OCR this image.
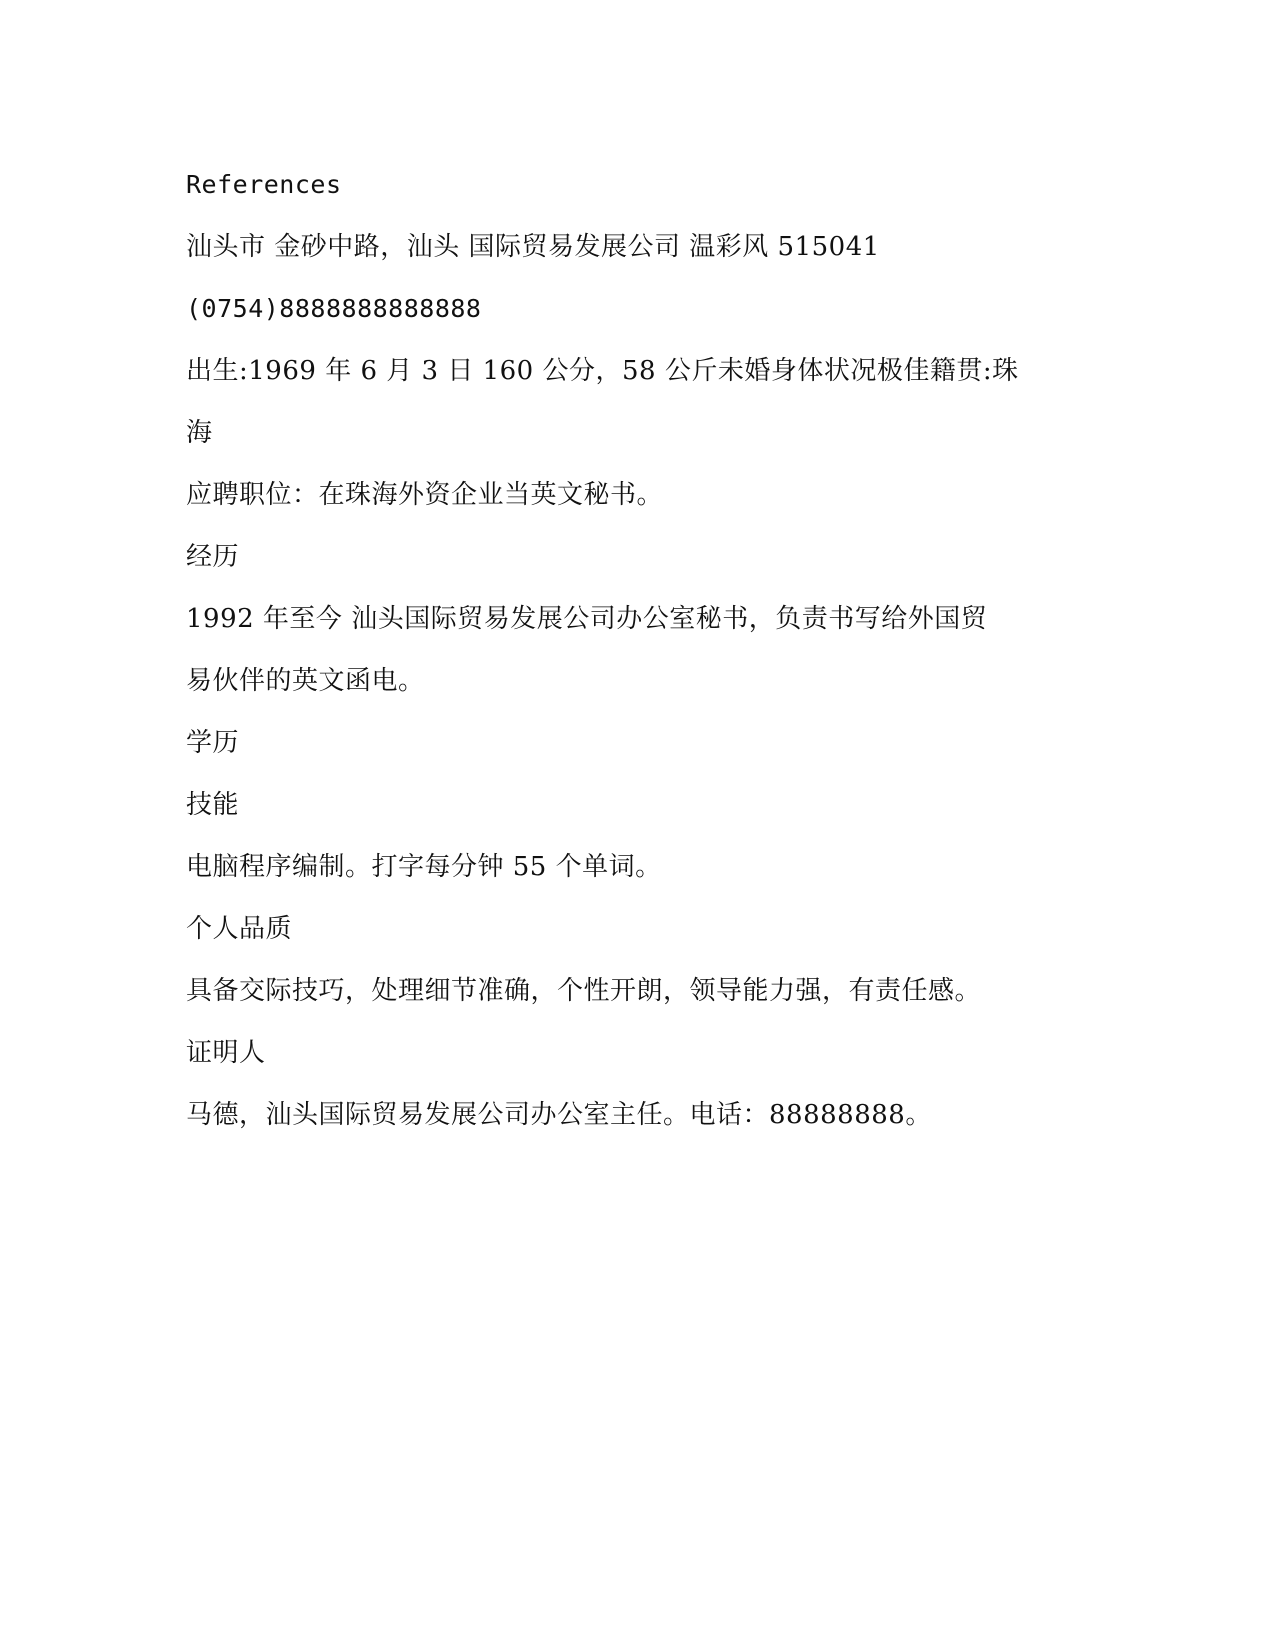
References
汕头市 金砂中路，汕头 国际贸易发展公司 温彩风 515041
(0754)8888888888888
出生:1969 年 6 月 3 日 160 公分，58 公斤未婚身体状况极佳籍贯:珠
海
应聘职位：在珠海外资企业当英文秘书。
经历
1992 年至今 汕头国际贸易发展公司办公室秘书，负责书写给外国贸
易伙伴的英文函电。
学历
技能
电脑程序编制。打字每分钟 55 个单词。
个人品质
具备交际技巧，处理细节准确，个性开朗，领导能力强，有责任感。
证明人
马德，汕头国际贸易发展公司办公室主任。电话：88888888。
